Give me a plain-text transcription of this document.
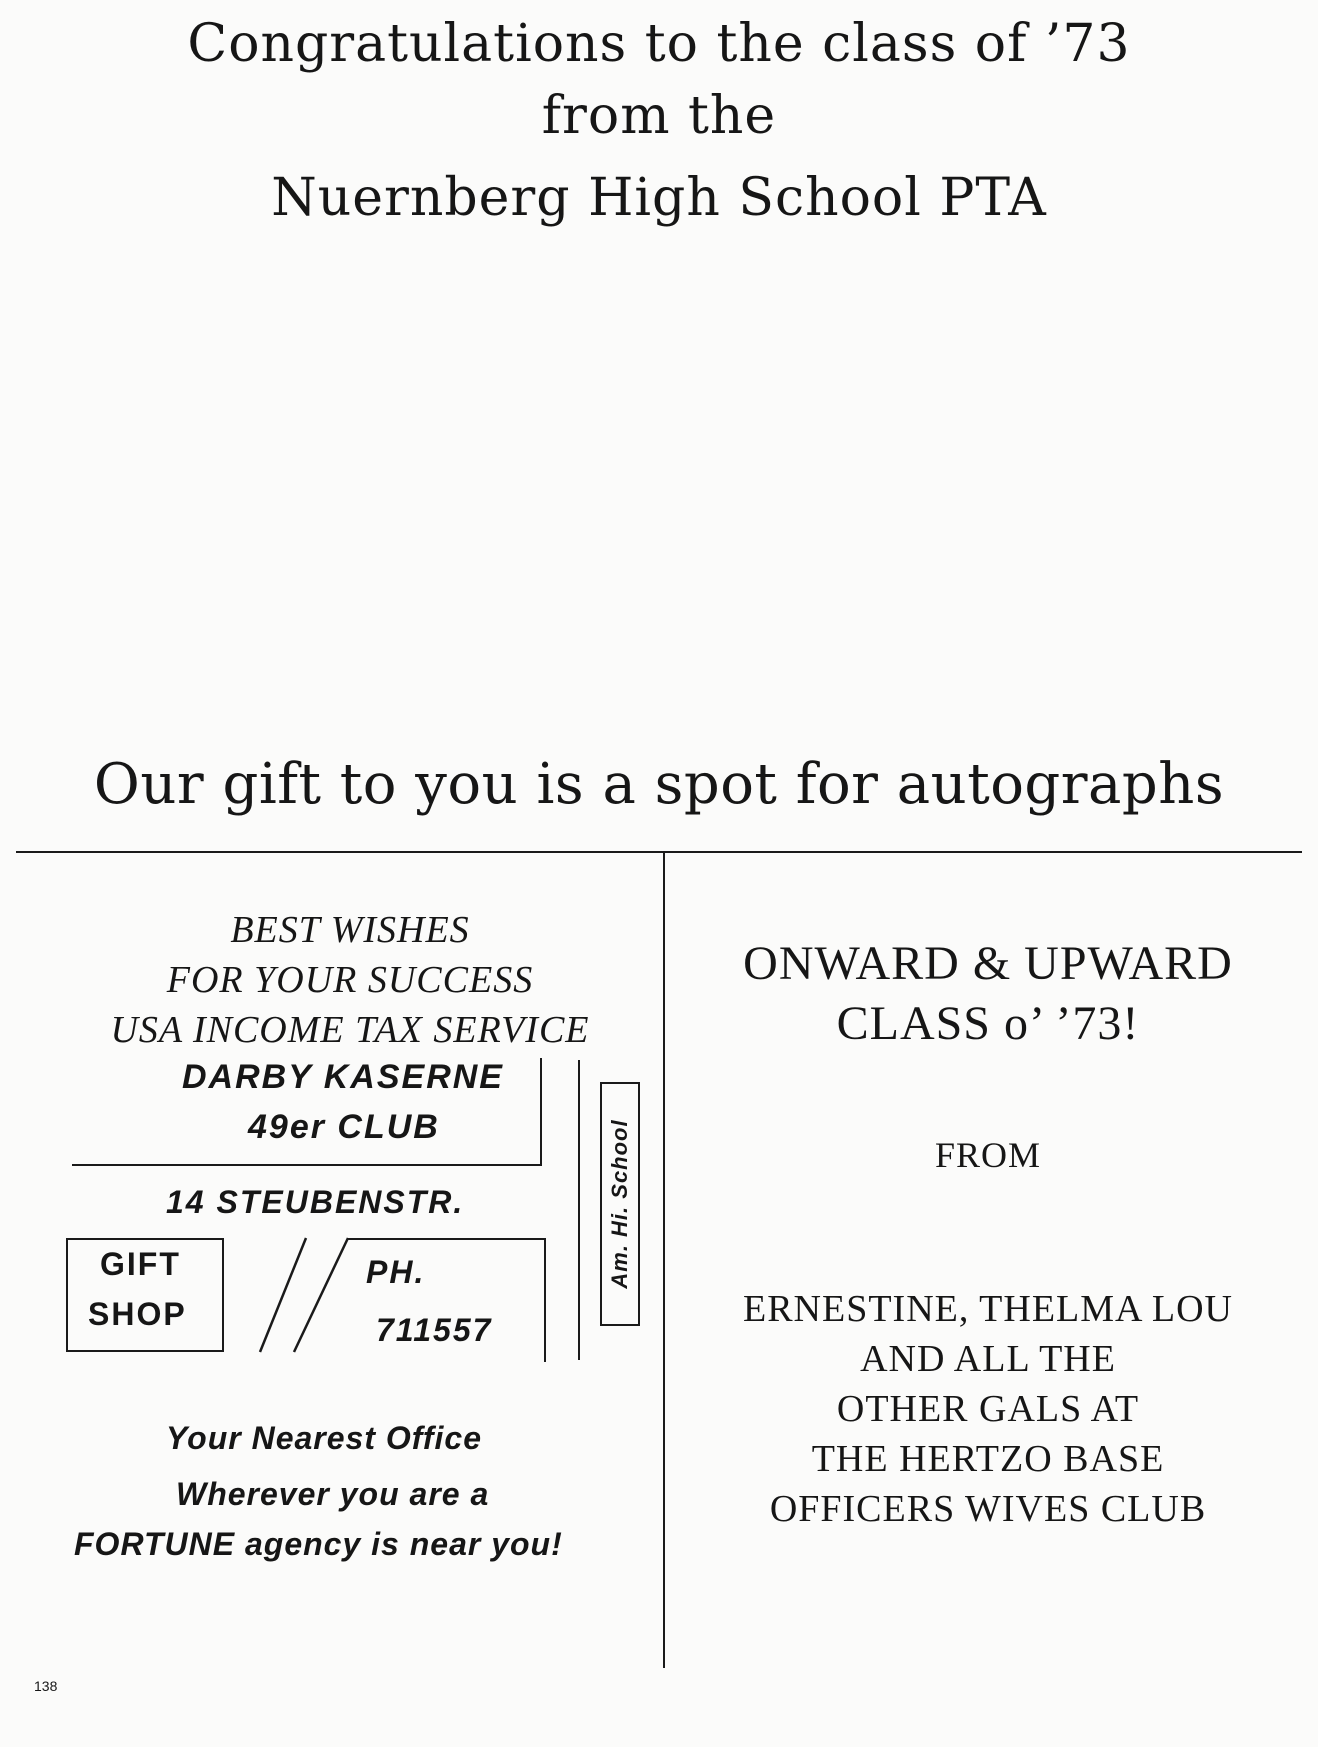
Congratulations to the class of ’73
from the
Nuernberg High School PTA
Our gift to you is a spot for autographs
BEST WISHES
FOR YOUR SUCCESS
USA INCOME TAX SERVICE
DARBY KASERNE
49er CLUB
14 STEUBENSTR.
GIFT
SHOP
PH.
711557
Am. Hi. School
Your Nearest Office
Wherever you are a
FORTUNE agency is near you!
ONWARD & UPWARD
CLASS o’ ’73!
FROM
ERNESTINE, THELMA LOU
AND ALL THE
OTHER GALS AT
THE HERTZO BASE
OFFICERS WIVES CLUB
138
